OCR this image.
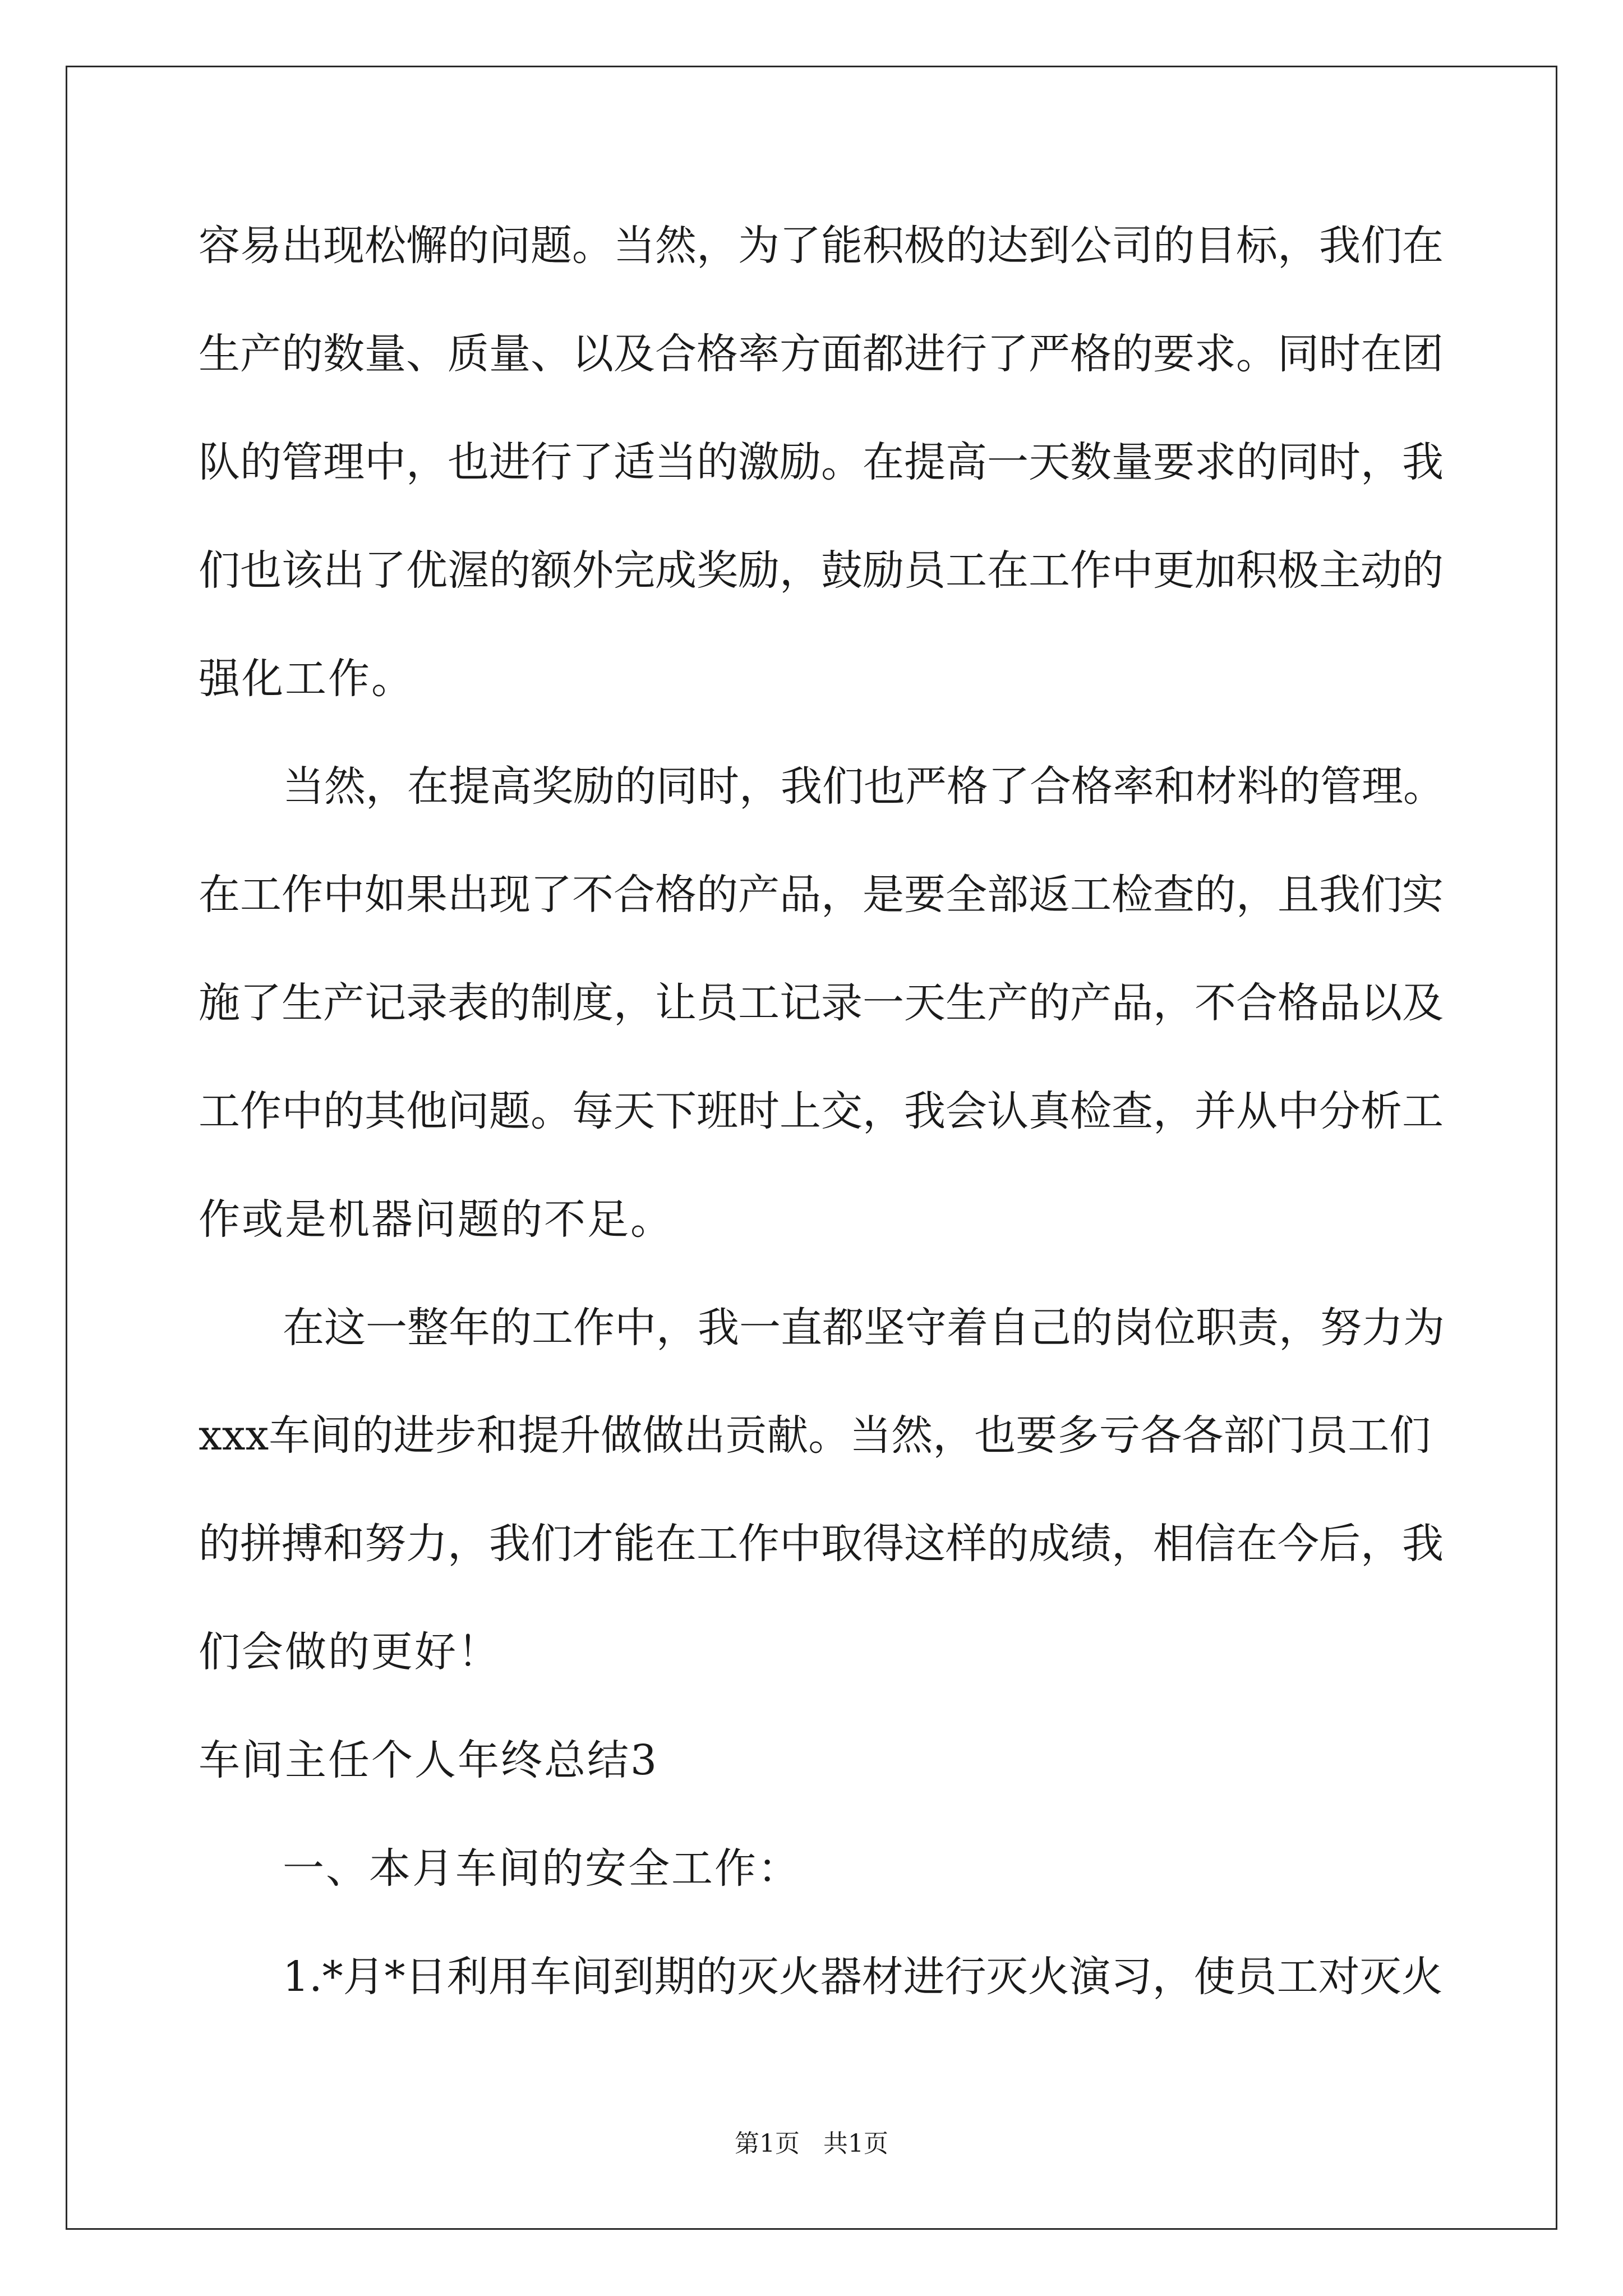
容易出现松懈的问题。当然，为了能积极的达到公司的目标，我们在
生产的数量、质量、以及合格率方面都进行了严格的要求。同时在团
队的管理中，也进行了适当的激励。在提高一天数量要求的同时，我
们也该出了优渥的额外完成奖励，鼓励员工在工作中更加积极主动的
强化工作。
当然，在提高奖励的同时，我们也严格了合格率和材料的管理。
在工作中如果出现了不合格的产品，是要全部返工检查的，且我们实
施了生产记录表的制度，让员工记录一天生产的产品，不合格品以及
工作中的其他问题。每天下班时上交，我会认真检查，并从中分析工
作或是机器问题的不足。
在这一整年的工作中，我一直都坚守着自己的岗位职责，努力为
xxx车间的进步和提升做做出贡献。当然，也要多亏各各部门员工们
的拼搏和努力，我们才能在工作中取得这样的成绩，相信在今后，我
们会做的更好！
车间主任个人年终总结3
一、本月车间的安全工作：
1.*月*日利用车间到期的灭火器材进行灭火演习，使员工对灭火
第1页 共1页
